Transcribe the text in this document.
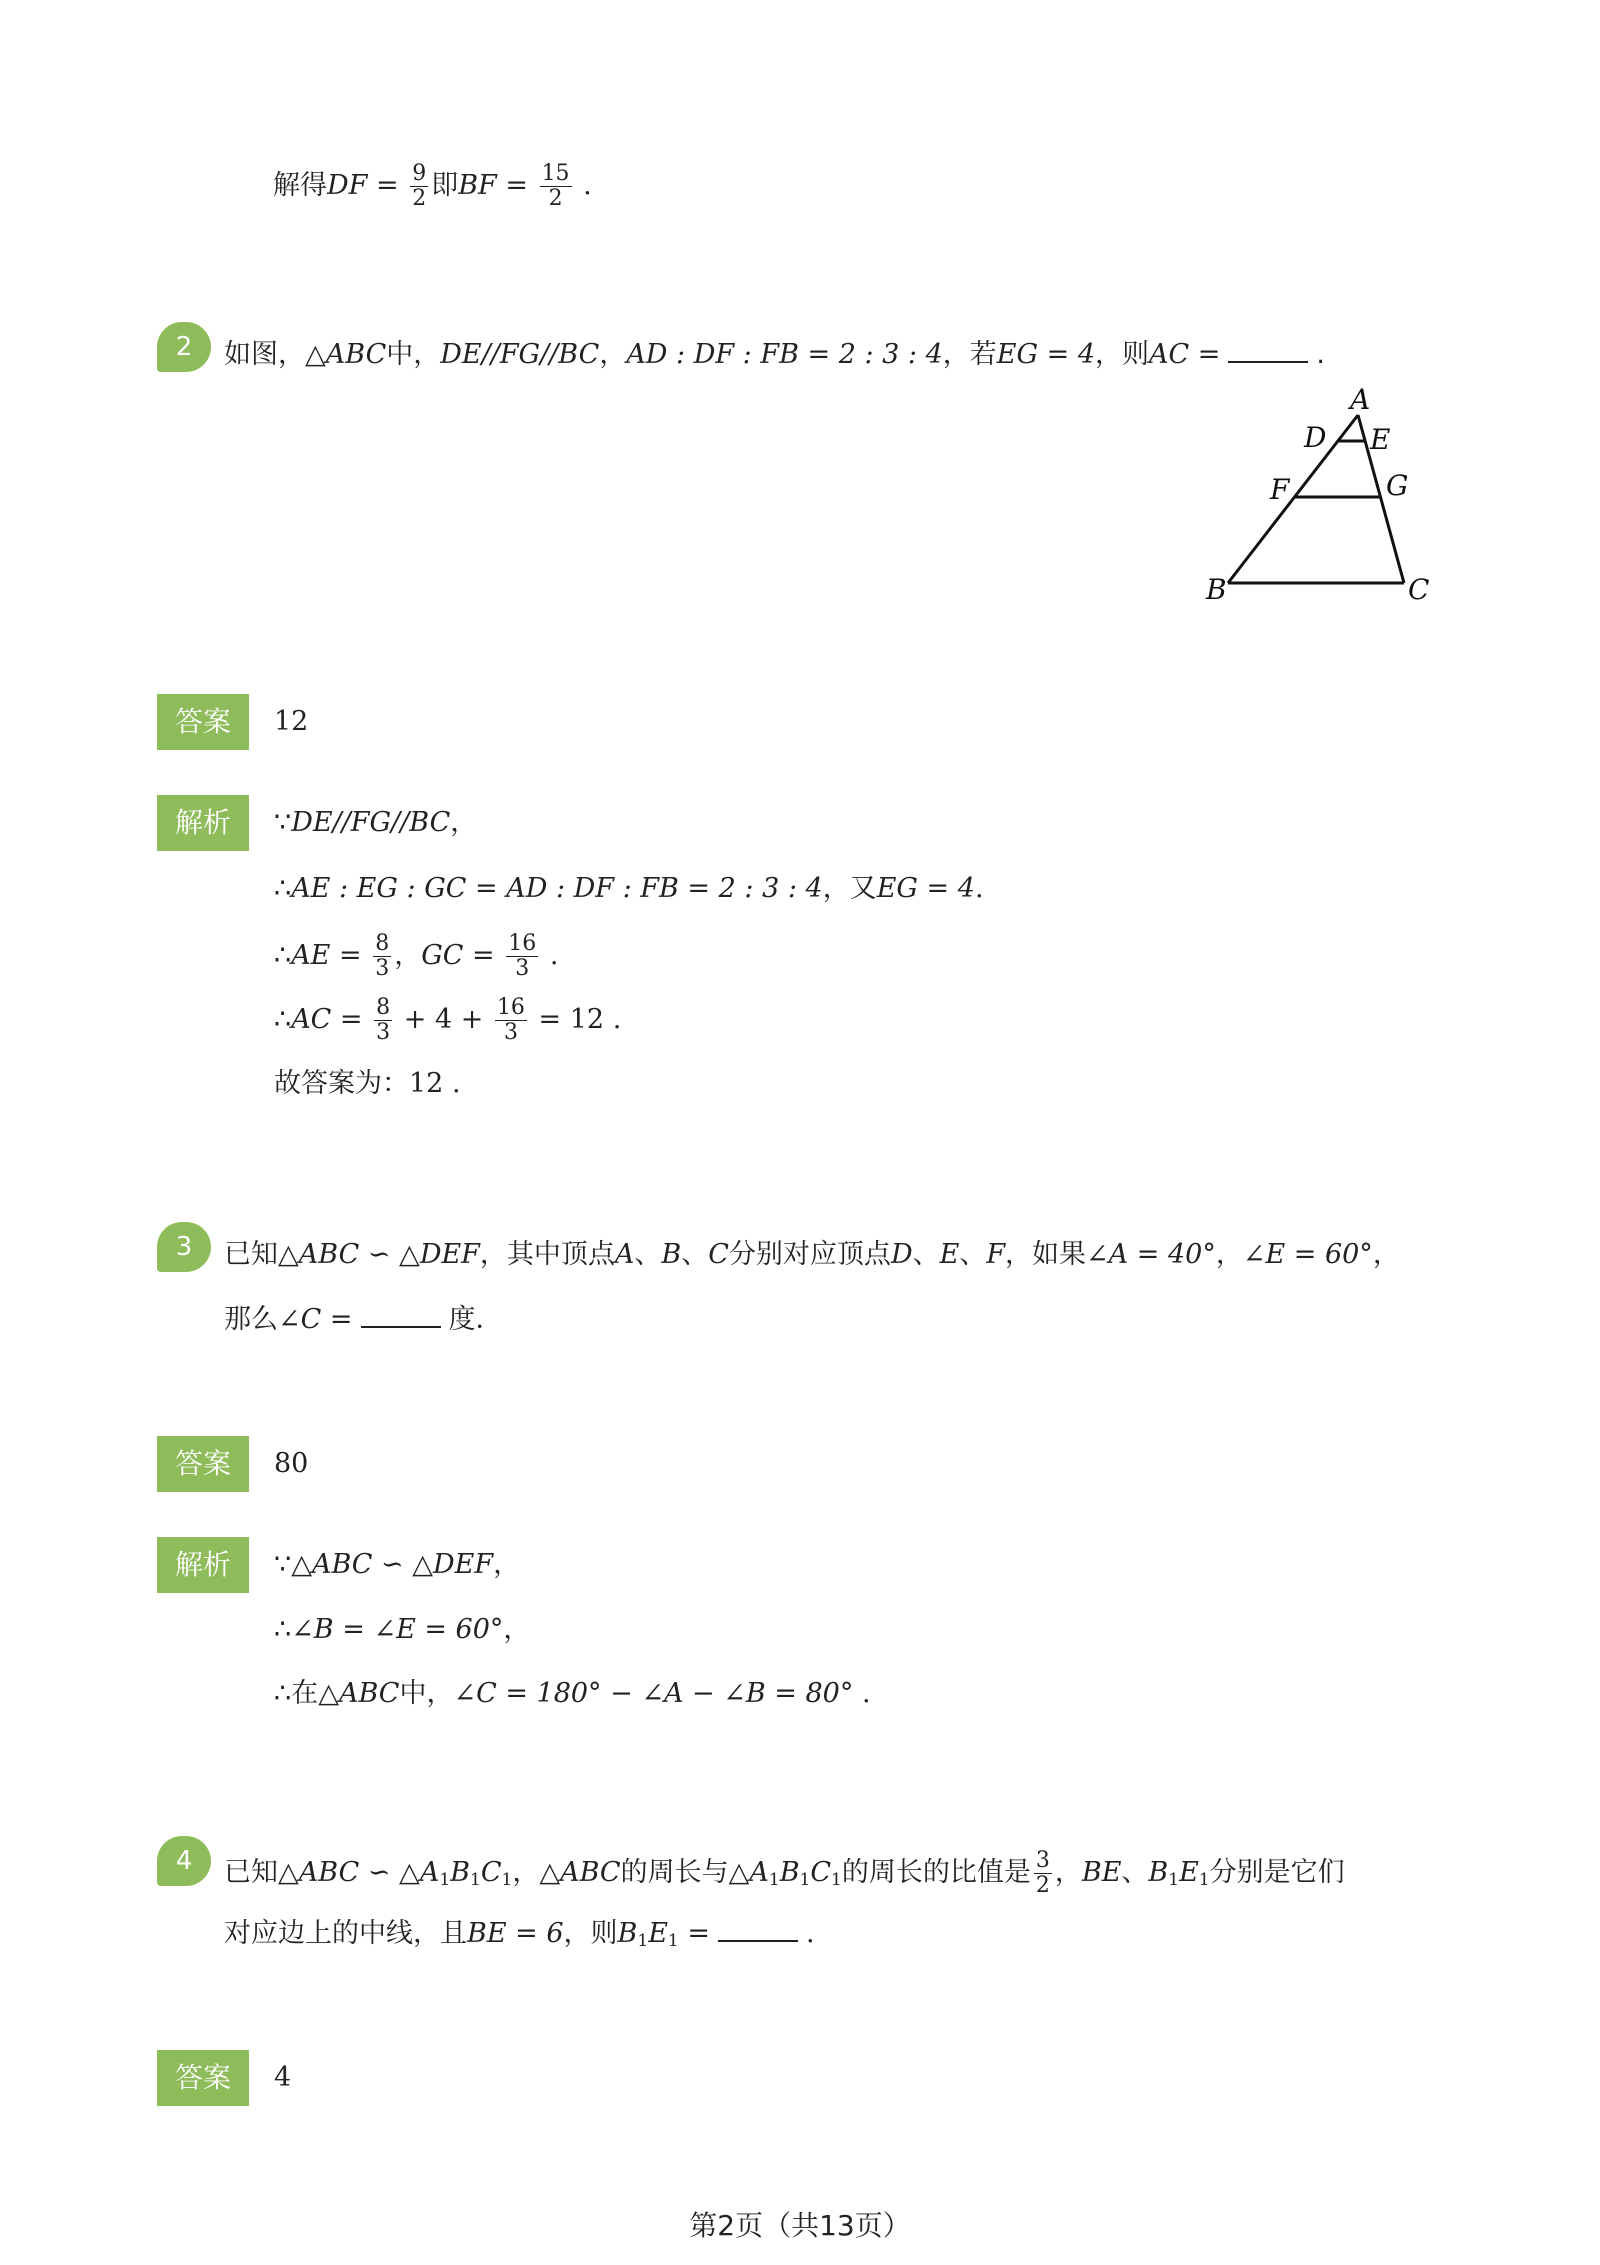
解得DF = $\frac{9}{2}$ 即BF = $\frac{15}{2}$ .
2	如图，△ABC中，DE//FG//BC，AD : DF : FB = 2 : 3 : 4，若EG = 4，则AC =	.
A
D E
F	G
B	C
答案	12
解析	∵DE//FG//BC，
∴AE : EG : GC = AD : DF : FB = 2 : 3 : 4，又EG = 4.
∴AE = $\frac{8}{3}$ ，GC = $\frac{16}{3}$ .
∴AC = $\frac{8}{3} + 4 + \frac{16}{3} = 12$ .
故答案为：12 .
3	已知△ABC ∽ △DEF，其中顶点A、B、C分别对应顶点D、E、F，如果∠A = 40°，∠E = 60°，
那么∠C =	度．
答案	80
解析	∵△ABC ∽ △DEF，
∴∠B = ∠E = 60°，
∴在△ABC中，∠C = 180° − ∠A − ∠B = 80° .
4	已知△ABC ∽ $\triangle A_1B_1C_1$，△ABC的周长与$\triangle A_1B_1C_1$的周长的比值是 $\frac{3}{2}$ ，BE、$B_1E_1$分别是它们
对应边上的中线，且BE = 6，则$B_1E_1$ =	.
答案	4
第2页（共13页）
